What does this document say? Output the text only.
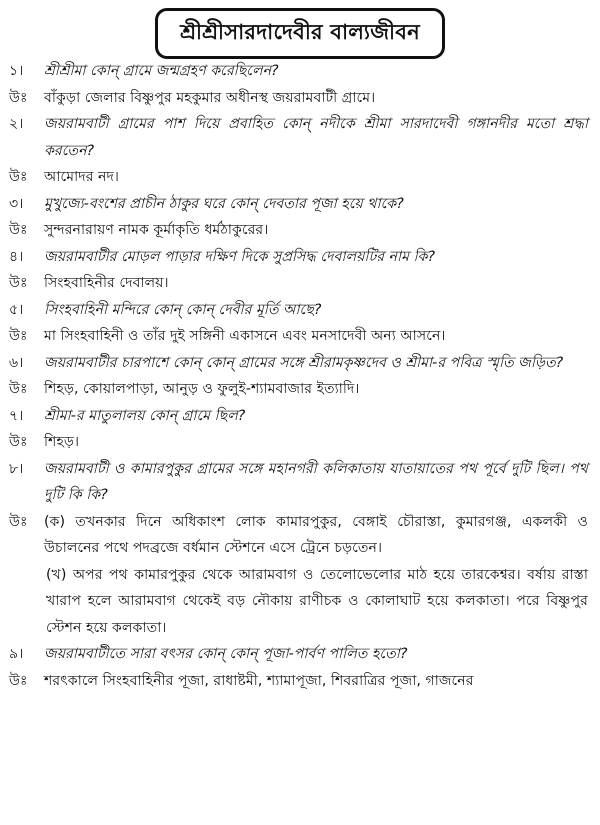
শ্রীশ্রীসারদাদেবীর বাল্যজীবন
১।	শ্রীশ্রীমা কোন্ গ্রামে জন্মগ্রহণ করেছিলেন?
উঃ	বাঁকুড়া জেলার বিষ্ণুপুর মহকুমার অধীনস্থ জয়রামবাটী গ্রামে।
২।	জয়রামবাটী গ্রামের পাশ দিয়ে প্রবাহিত কোন্ নদীকে শ্রীমা সারদাদেবী গঙ্গানদীর মতো শ্রদ্ধা করতেন?
উঃ	আমোদর নদ।
৩।	মুখুজ্যে-বংশের প্রাচীন ঠাকুর ঘরে কোন্ দেবতার পূজা হয়ে থাকে?
উঃ	সুন্দরনারায়ণ নামক কূর্মাকৃতি ধর্মঠাকুরের।
৪।	জয়রামবাটীর মোড়ল পাড়ার দক্ষিণ দিকে সুপ্রসিদ্ধ দেবালয়টির নাম কি?
উঃ	সিংহবাহিনীর দেবালয়।
৫।	সিংহবাহিনী মন্দিরে কোন্ কোন্ দেবীর মূর্তি আছে?
উঃ	মা সিংহবাহিনী ও তাঁর দুই সঙ্গিনী একাসনে এবং মনসাদেবী অন্য আসনে।
৬।	জয়রামবাটীর চারপাশে কোন্ কোন্ গ্রামের সঙ্গে শ্রীরামকৃষ্ণদেব ও শ্রীমা-র পবিত্র স্মৃতি জড়িত?
উঃ	শিহড়, কোয়ালপাড়া, আনুড় ও ফুলুই-শ্যামবাজার ইত্যাদি।
৭।	শ্রীমা-র মাতুলালয় কোন্ গ্রামে ছিল?
উঃ	শিহড়।
৮।	জয়রামবাটী ও কামারপুকুর গ্রামের সঙ্গে মহানগরী কলিকাতায় যাতায়াতের পথ পূর্বে দুটি ছিল। পথ দুটি কি কি?
উঃ	(ক) তখনকার দিনে অধিকাংশ লোক কামারপুকুর, বেঙ্গাই চৌরাস্তা, কুমারগঞ্জ, একলকী ও উচালনের পথে পদব্রজে বর্ধমান স্টেশনে এসে ট্রেনে চড়তেন।
(খ) অপর পথ কামারপুকুর থেকে আরামবাগ ও তেলোভেলোর মাঠ হয়ে তারকেশ্বর। বর্ষায় রাস্তা খারাপ হলে আরামবাগ থেকেই বড় নৌকায় রাণীচক ও কোলাঘাট হয়ে কলকাতা। পরে বিষ্ণুপুর স্টেশন হয়ে কলকাতা।
৯।	জয়রামবাটীতে সারা বৎসর কোন্ কোন্ পূজা-পার্বণ পালিত হতো?
উঃ	শরৎকালে সিংহবাহিনীর পূজা, রাধাষ্টমী, শ্যামাপূজা, শিবরাত্রির পূজা, গাজনের
